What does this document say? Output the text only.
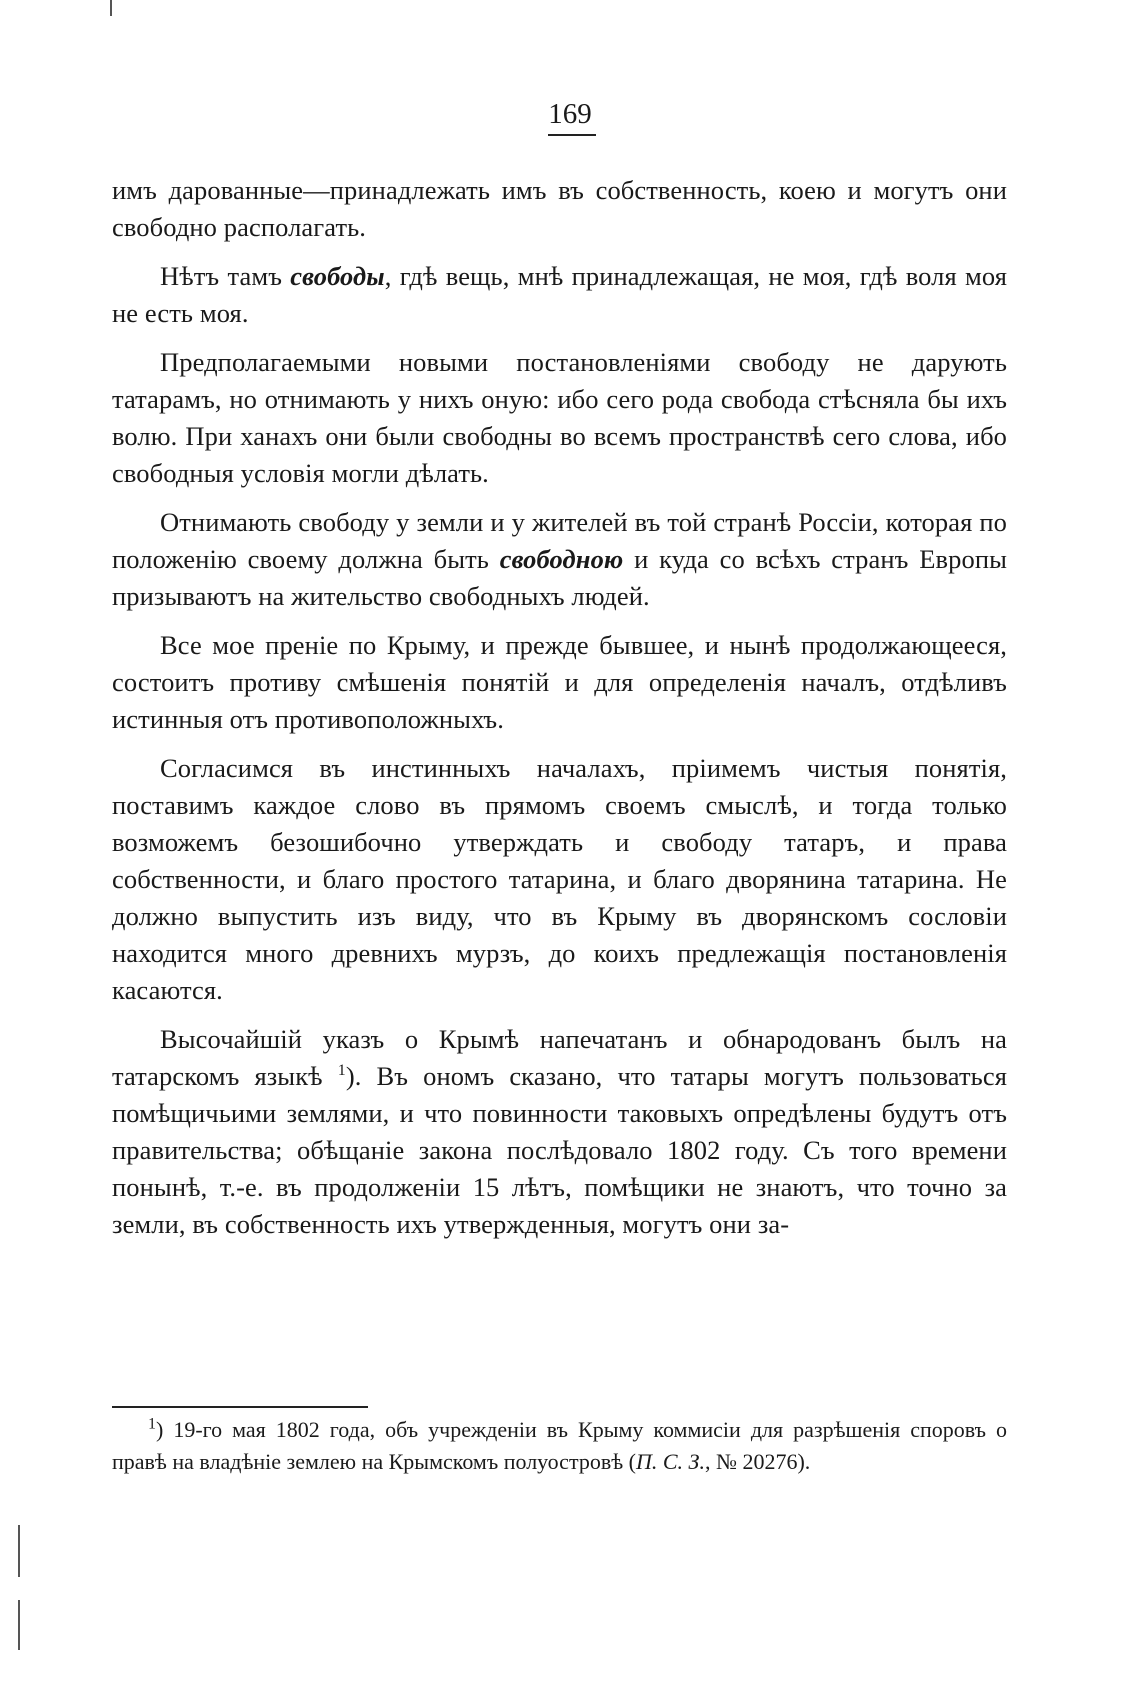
169

имъ дарованные—принадлежать имъ въ собственность, коею и могутъ они свободно располагать.

Нѣтъ тамъ свободы, гдѣ вещь, мнѣ принадлежащая, не моя, гдѣ воля моя не есть моя.

Предполагаемыми новыми постановленіями свободу не дарують татарамъ, но отнимають у нихъ оную: ибо сего рода свобода стѣсняла бы ихъ волю. При ханахъ они были свободны во всемъ пространствѣ сего слова, ибо свободныя условія могли дѣлать.

Отнимають свободу у земли и у жителей въ той странѣ Россіи, которая по положенію своему должна быть свободною и куда со всѣхъ странъ Европы призываютъ на жительство свободныхъ людей.

Все мое преніе по Крыму, и прежде бывшее, и нынѣ продолжающееся, состоитъ противу смѣшенія понятій и для определенія началъ, отдѣливъ истинныя отъ противоположныхъ.

Согласимся въ инстинныхъ началахъ, пріимемъ чистыя понятія, поставимъ каждое слово въ прямомъ своемъ смыслѣ, и тогда только возможемъ безошибочно утверждать и свободу татаръ, и права собственности, и благо простого татарина, и благо дворянина татарина. Не должно выпустить изъ виду, что въ Крыму въ дворянскомъ сословіи находится много древнихъ мурзъ, до коихъ предлежащія постановленія касаются.

Высочайшій указъ о Крымѣ напечатанъ и обнародованъ былъ на татарскомъ языкѣ $^1$). Въ ономъ сказано, что татары могутъ пользоваться помѣщичьими землями, и что повинности таковыхъ опредѣлены будутъ отъ правительства; обѣщаніе закона послѣдовало 1802 году. Съ того времени понынѣ, т.-е. въ продолженіи 15 лѣтъ, помѣщики не знаютъ, что точно за земли, въ собственность ихъ утвержденныя, могутъ они за-

$^1$) 19-го мая 1802 года, объ учрежденіи въ Крыму коммисіи для разрѣшенія споровъ о правѣ на владѣніе землею на Крымскомъ полуостровѣ (П. С. З., № 20276).
